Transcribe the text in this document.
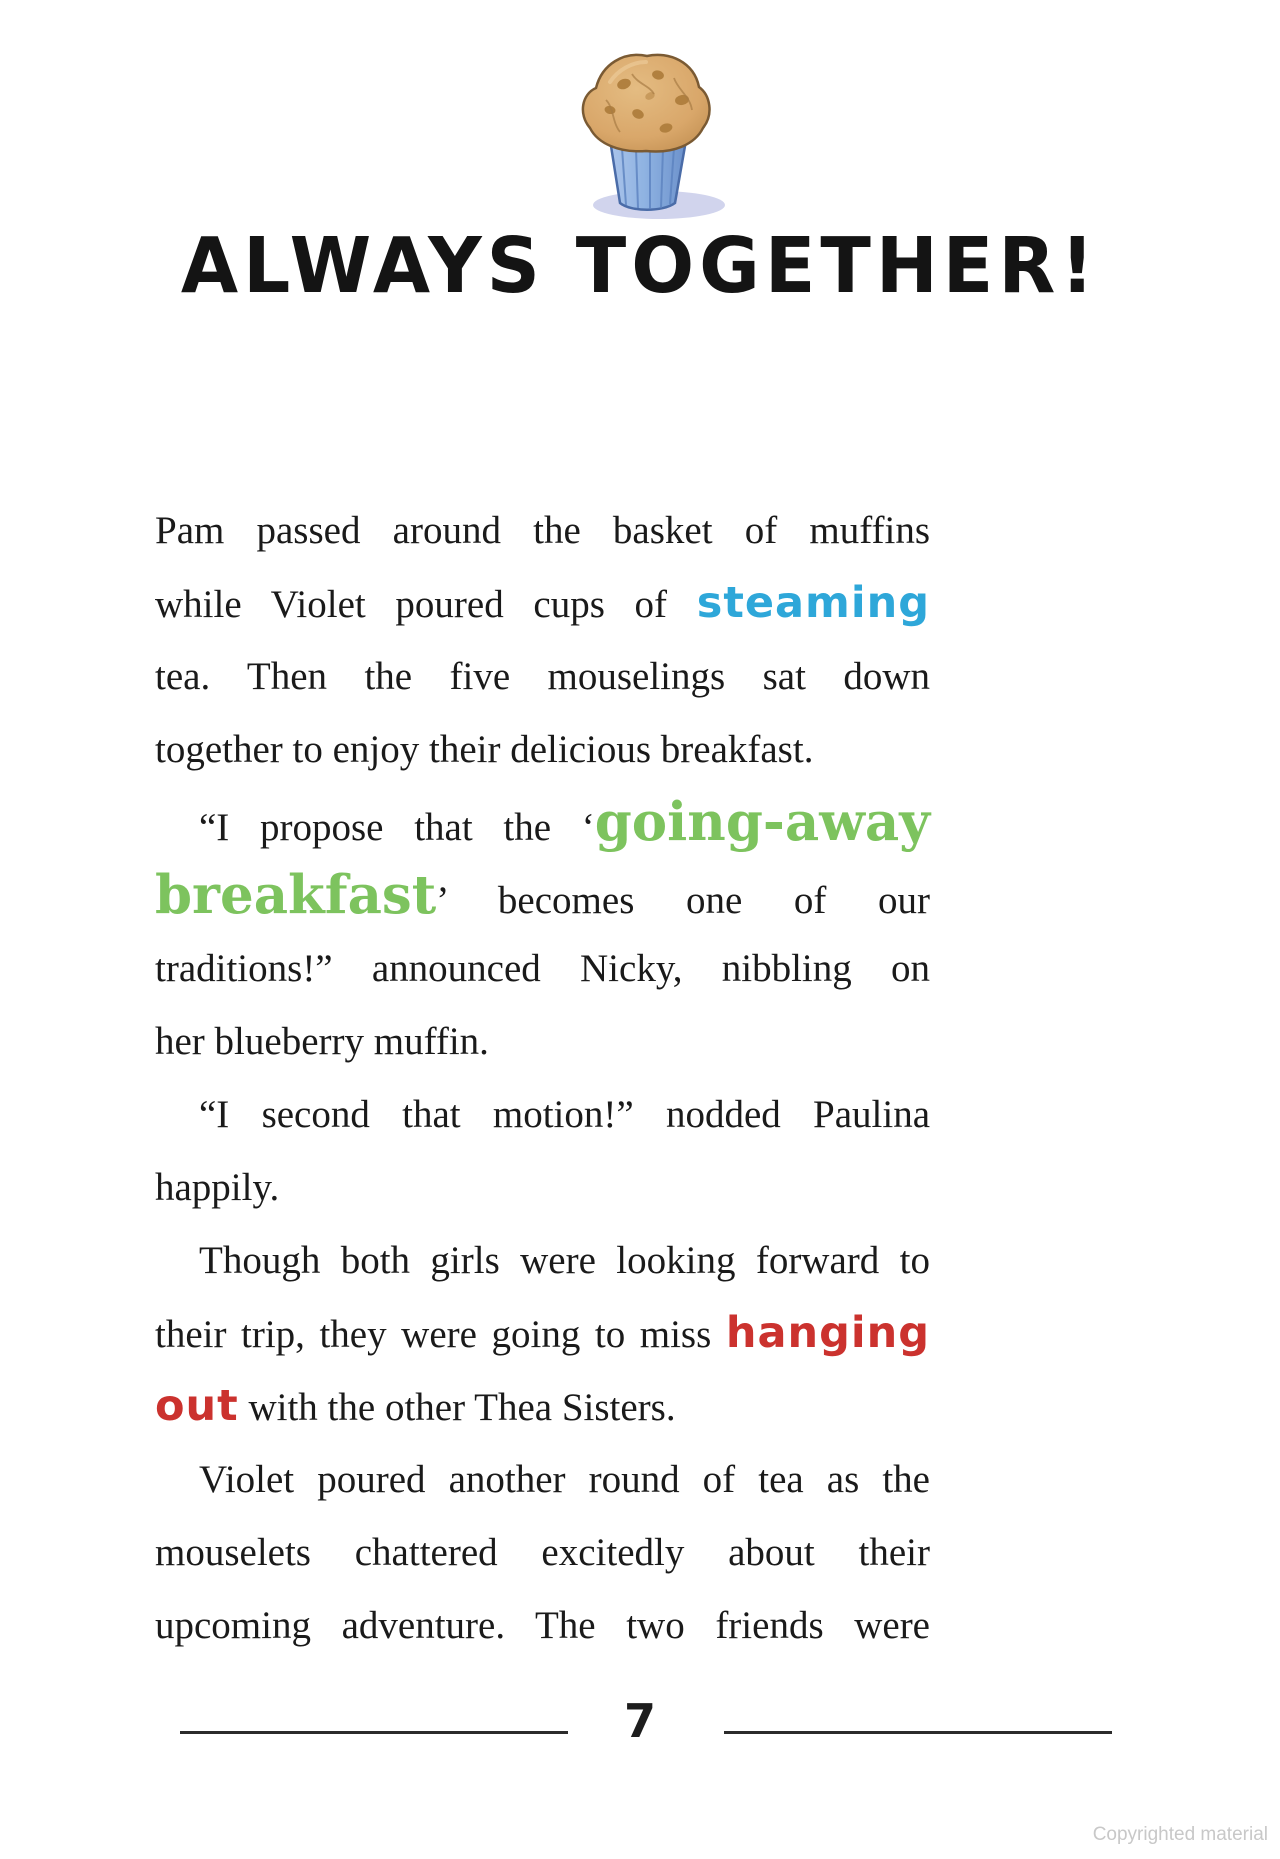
ALWAYS TOGETHER!
Pam passed around the basket of muffins
while Violet poured cups of steaming
tea. Then the five mouselings sat down
together to enjoy their delicious breakfast.
“I propose that the ‘going-away
breakfast’ becomes one of our
traditions!” announced Nicky, nibbling on
her blueberry muffin.
“I second that motion!” nodded Paulina
happily.
Though both girls were looking forward to
their trip, they were going to miss hanging
out with the other Thea Sisters.
Violet poured another round of tea as the
mouselets chattered excitedly about their
upcoming adventure. The two friends were
7
Copyrighted material
